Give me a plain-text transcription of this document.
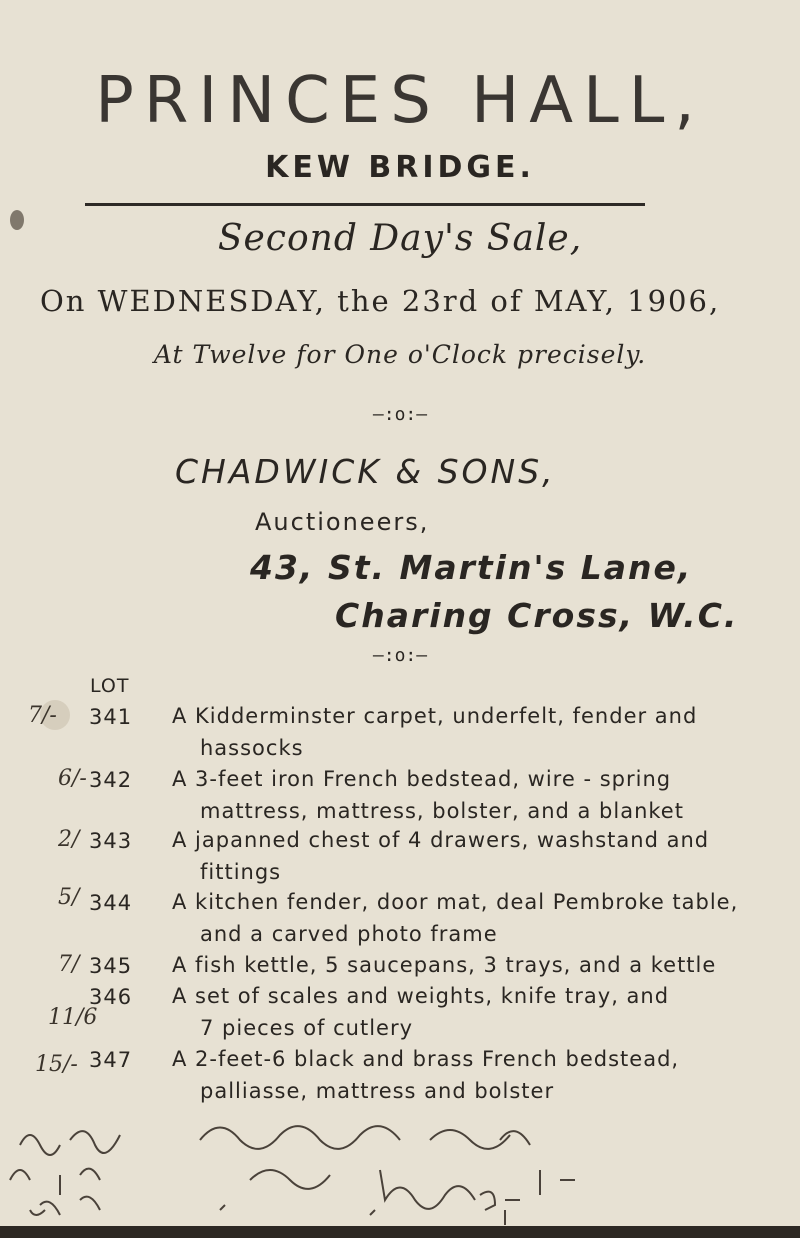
PRINCES HALL,
KEW BRIDGE.
Second Day's Sale,
On WEDNESDAY, the 23rd of MAY, 1906,
At Twelve for One o'Clock precisely.
—:o:—
CHADWICK & SONS,
Auctioneers,
43, St. Martin's Lane,
Charing Cross, W.C.
—:o:—
LOT
7/- 341 A Kidderminster carpet, underfelt, fender and
hassocks
6/- 342 A 3-feet iron French bedstead, wire - spring
mattress, mattress, bolster, and a blanket
2/ 343 A japanned chest of 4 drawers, washstand and
fittings
5/ 344 A kitchen fender, door mat, deal Pembroke table,
and a carved photo frame
7/ 345 A fish kettle, 5 saucepans, 3 trays, and a kettle
11/6
346 A set of scales and weights, knife tray, and
7 pieces of cutlery
15/- 347 A 2-feet-6 black and brass French bedstead,
palliasse, mattress and bolster
